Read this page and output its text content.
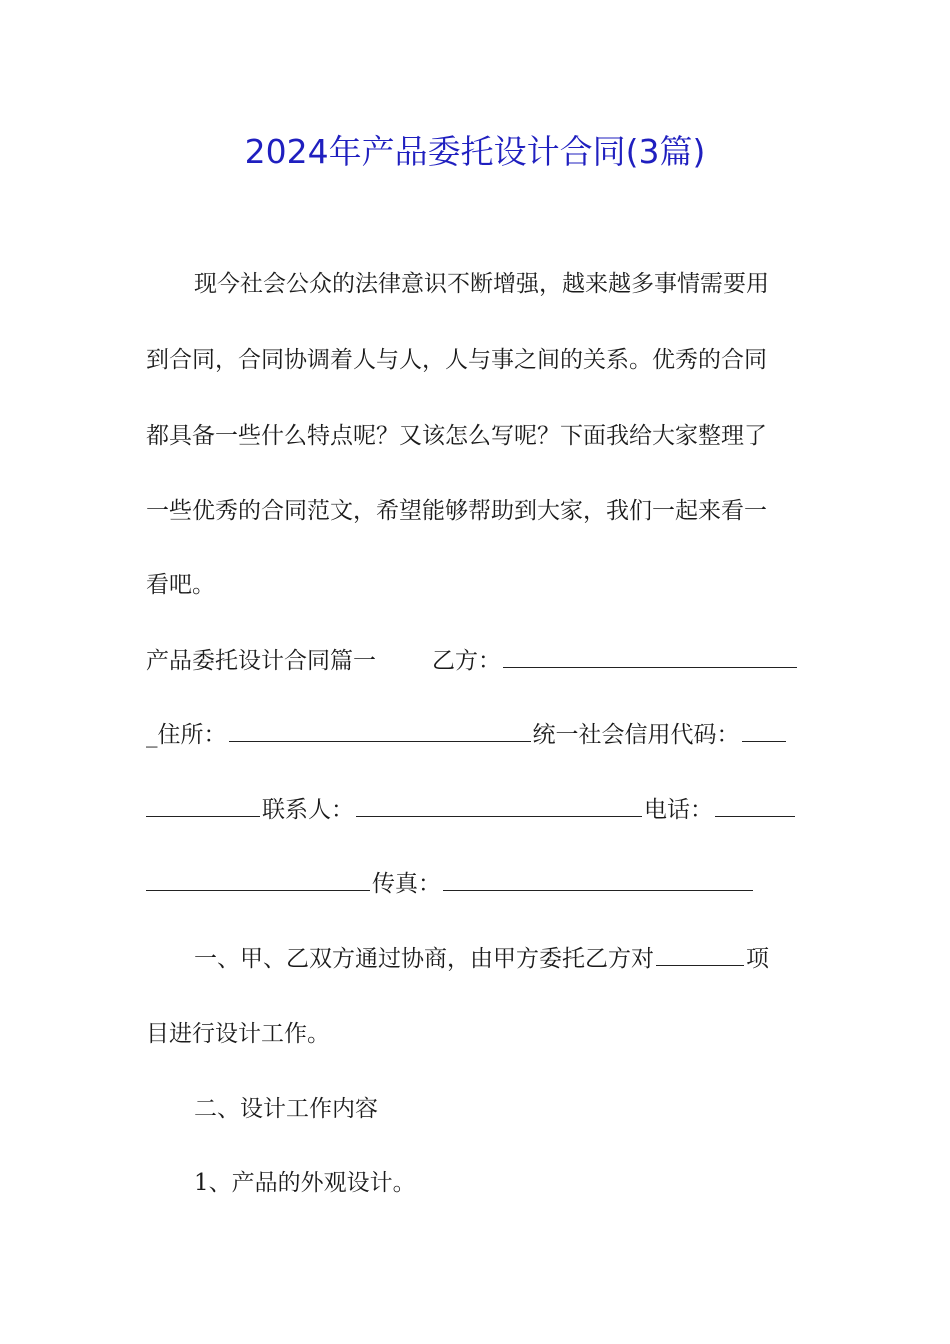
2024年产品委托设计合同(3篇)
现今社会公众的法律意识不断增强，越来越多事情需要用
到合同，合同协调着人与人，人与事之间的关系。优秀的合同
都具备一些什么特点呢？又该怎么写呢？下面我给大家整理了
一些优秀的合同范文，希望能够帮助到大家，我们一起来看一
看吧。
产品委托设计合同篇一 乙方：
_住所：	统一社会信用代码：
联系人：	电话：
传真：
一、甲、乙双方通过协商，由甲方委托乙方对	项
目进行设计工作。
二、设计工作内容
1、产品的外观设计。
